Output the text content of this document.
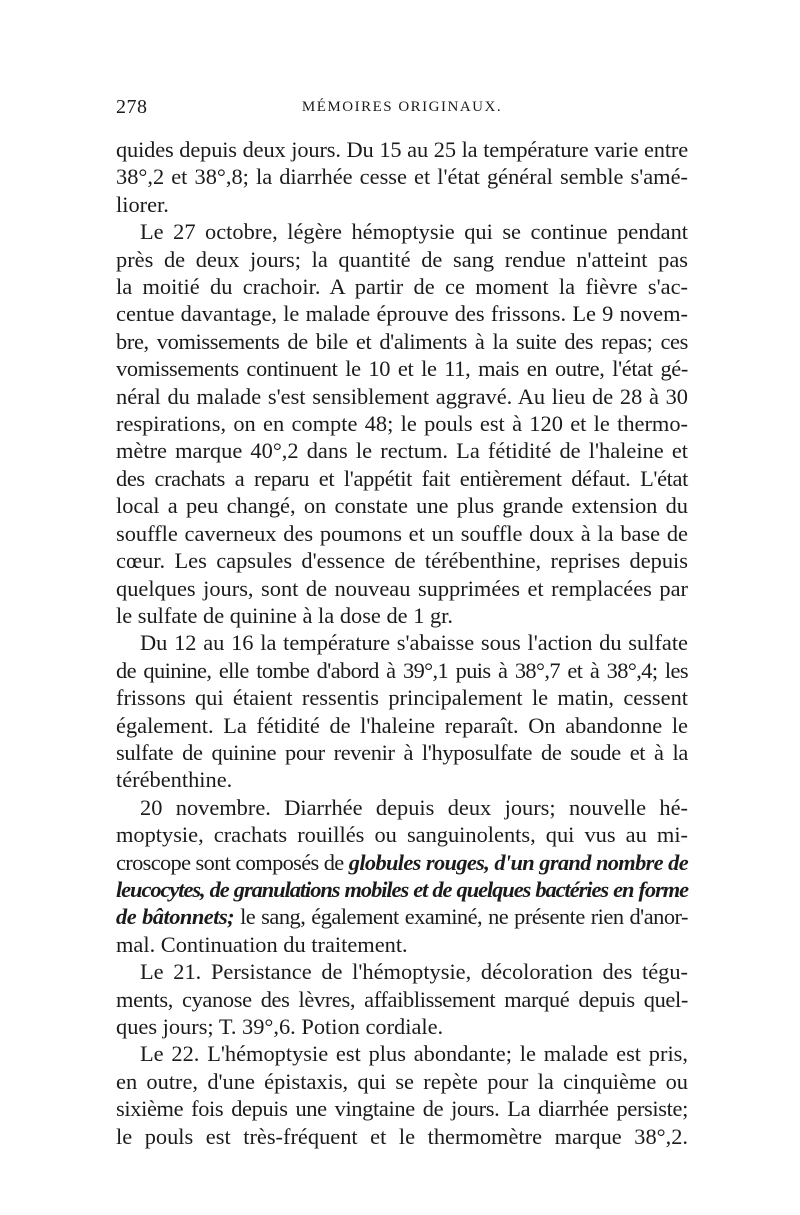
278	MÉMOIRES ORIGINAUX.

quides depuis deux jours. Du 15 au 25 la température varie entre
38°,2 et 38°,8; la diarrhée cesse et l'état général semble s'amé-
liorer.

Le 27 octobre, légère hémoptysie qui se continue pendant
près de deux jours; la quantité de sang rendue n'atteint pas
la moitié du crachoir. A partir de ce moment la fièvre s'ac-
centue davantage, le malade éprouve des frissons. Le 9 novem-
bre, vomissements de bile et d'aliments à la suite des repas; ces
vomissements continuent le 10 et le 11, mais en outre, l'état gé-
néral du malade s'est sensiblement aggravé. Au lieu de 28 à 30
respirations, on en compte 48; le pouls est à 120 et le thermo-
mètre marque 40°,2 dans le rectum. La fétidité de l'haleine et
des crachats a reparu et l'appétit fait entièrement défaut. L'état
local a peu changé, on constate une plus grande extension du
souffle caverneux des poumons et un souffle doux à la base de
cœur. Les capsules d'essence de térébenthine, reprises depuis
quelques jours, sont de nouveau supprimées et remplacées par
le sulfate de quinine à la dose de 1 gr.

Du 12 au 16 la température s'abaisse sous l'action du sulfate
de quinine, elle tombe d'abord à 39°,1 puis à 38°,7 et à 38°,4; les
frissons qui étaient ressentis principalement le matin, cessent
également. La fétidité de l'haleine reparaît. On abandonne le
sulfate de quinine pour revenir à l'hyposulfate de soude et à la
térébenthine.

20 novembre. Diarrhée depuis deux jours; nouvelle hé-
moptysie, crachats rouillés ou sanguinolents, qui vus au mi-
croscope sont composés de globules rouges, d'un grand nombre de
leucocytes, de granulations mobiles et de quelques bactéries en forme
de bâtonnets; le sang, également examiné, ne présente rien d'anor-
mal. Continuation du traitement.

Le 21. Persistance de l'hémoptysie, décoloration des tégu-
ments, cyanose des lèvres, affaiblissement marqué depuis quel-
ques jours; T. 39°,6. Potion cordiale.

Le 22. L'hémoptysie est plus abondante; le malade est pris,
en outre, d'une épistaxis, qui se repète pour la cinquième ou
sixième fois depuis une vingtaine de jours. La diarrhée persiste;
le pouls est très-fréquent et le thermomètre marque 38°,2.
